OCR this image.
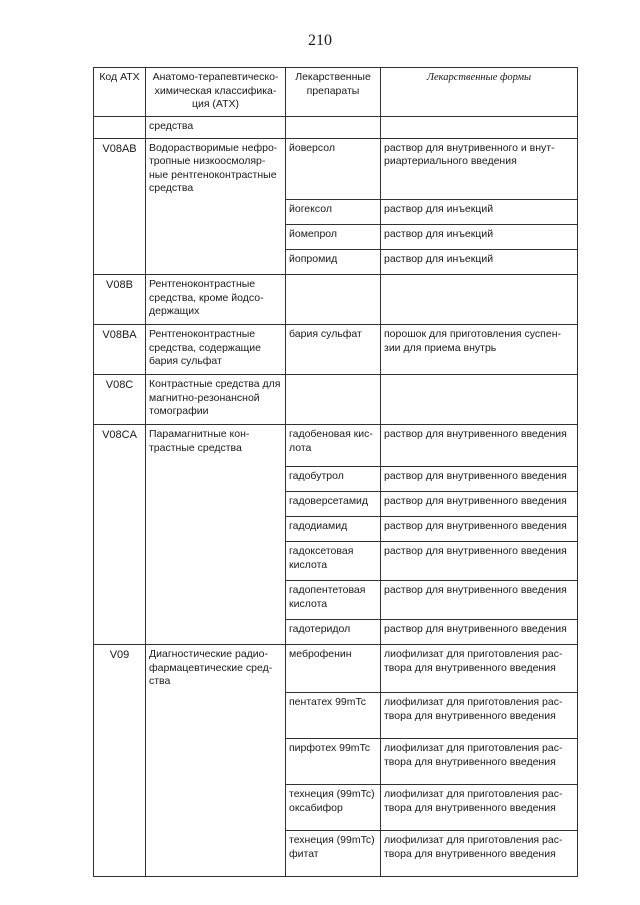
210
Код АТХ	Анатомо-терапевтическо-химическая классифика-ция (АТХ)	Лекарственные препараты	Лекарственные формы
	средства		
V08AB	Водорастворимые нефро-тропные низкоосмоляр-ные рентгеноконтрастные средства	йоверсол	раствор для внутривенного и внут-риартериального введения
		йогексол	раствор для инъекций
		йомепрол	раствор для инъекций
		йопромид	раствор для инъекций
V08B	Рентгеноконтрастные средства, кроме йодсо-держащих		
V08BA	Рентгеноконтрастные средства, содержащие бария сульфат	бария сульфат	порошок для приготовления суспен-зии для приема внутрь
V08C	Контрастные средства для магнитно-резонансной томографии		
V08CA	Парамагнитные кон-трастные средства	гадобеновая кис-лота	раствор для внутривенного введения
		гадобутрол	раствор для внутривенного введения
		гадоверсетамид	раствор для внутривенного введения
		гадодиамид	раствор для внутривенного введения
		гадоксетовая кислота	раствор для внутривенного введения
		гадопентетовая кислота	раствор для внутривенного введения
		гадотеридол	раствор для внутривенного введения
V09	Диагностические радио-фармацевтические сред-ства	меброфенин	лиофилизат для приготовления рас-твора для внутривенного введения
		пентатех 99mTc	лиофилизат для приготовления рас-твора для внутривенного введения
		пирфотех 99mTc	лиофилизат для приготовления рас-твора для внутривенного введения
		технеция (99mTc) оксабифор	лиофилизат для приготовления рас-твора для внутривенного введения
		технеция (99mTc) фитат	лиофилизат для приготовления рас-твора для внутривенного введения
